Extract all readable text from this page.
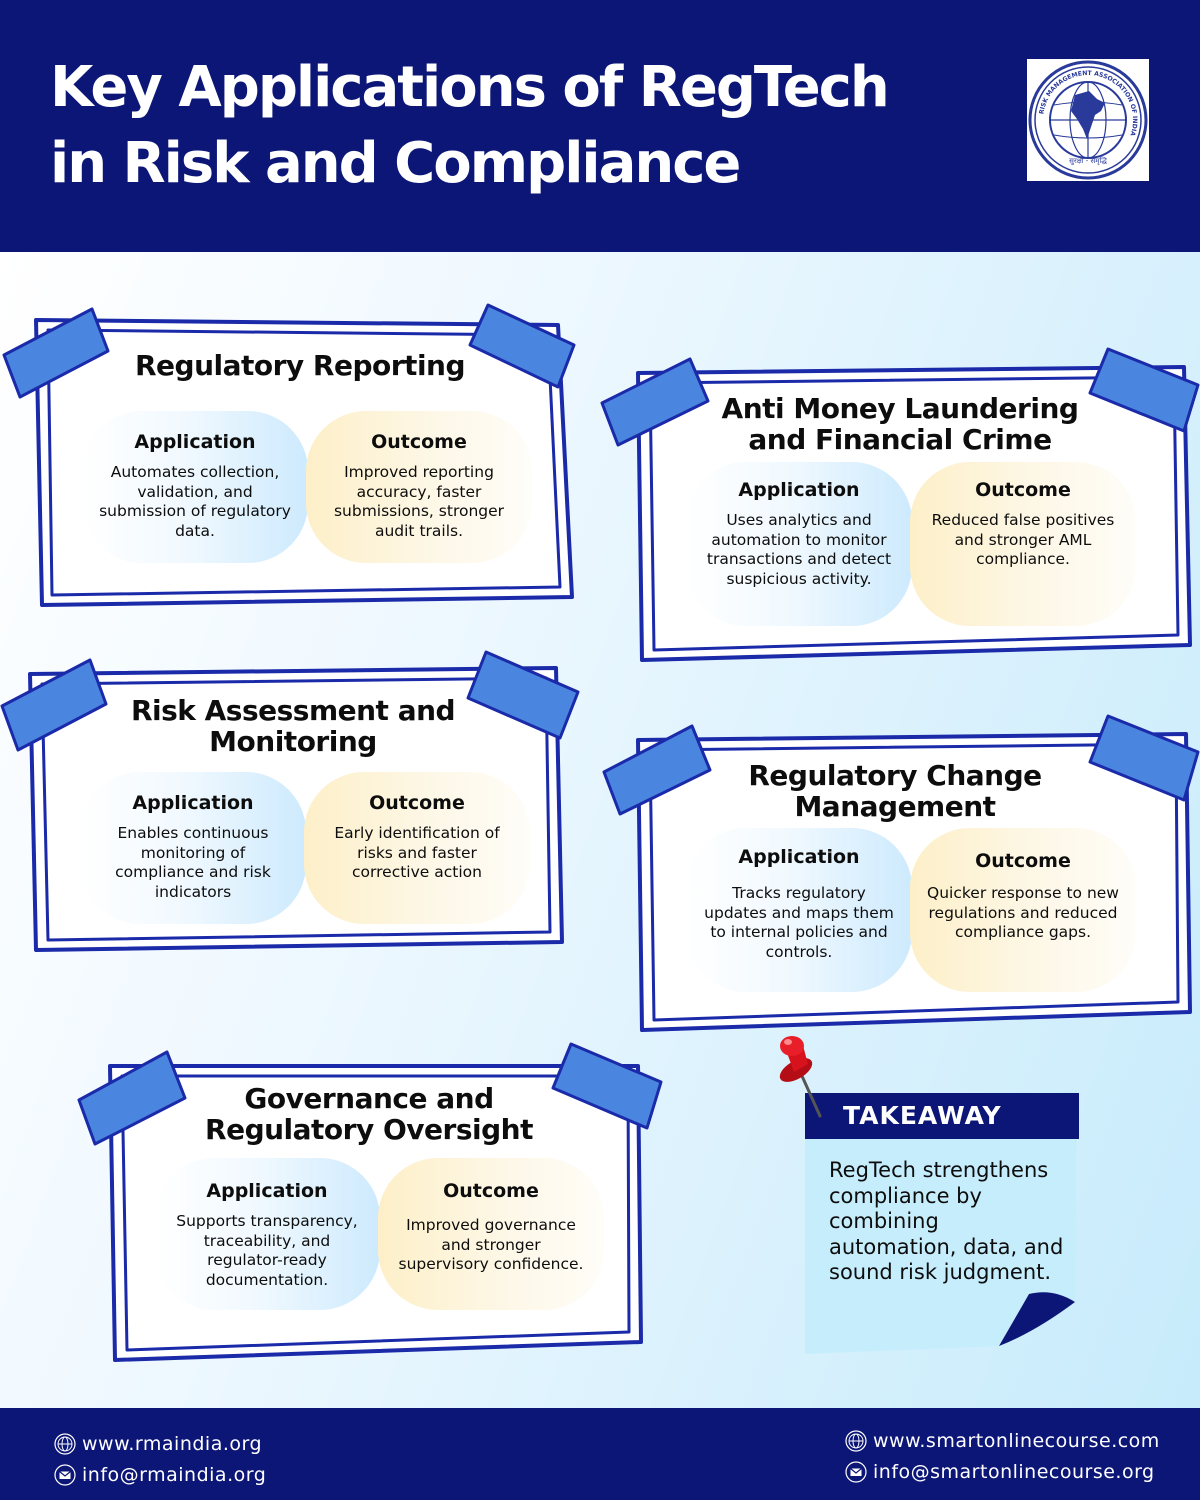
Key Applications of RegTech
in Risk and Compliance
RISK MANAGEMENT ASSOCIATION OF INDIA
सुरक्षा - समृद्धि
Regulatory Reporting
Application
Automates collection, validation, and submission of regulatory data.
Outcome
Improved reporting accuracy, faster submissions, stronger audit trails.
Anti Money Laundering
and Financial Crime
Application
Uses analytics and automation to monitor transactions and detect suspicious activity.
Outcome
Reduced false positives and stronger AML compliance.
Risk Assessment and
Monitoring
Application
Enables continuous monitoring of compliance and risk indicators
Outcome
Early identification of risks and faster corrective action
Regulatory Change
Management
Application
Tracks regulatory updates and maps them to internal policies and controls.
Outcome
Quicker response to new regulations and reduced compliance gaps.
Governance and
Regulatory Oversight
Application
Supports transparency, traceability, and regulator-ready documentation.
Outcome
Improved governance and stronger supervisory confidence.
TAKEAWAY
RegTech strengthens compliance by combining automation, data, and sound risk judgment.
www.rmaindia.org
info@rmaindia.org
www.smartonlinecourse.com
info@smartonlinecourse.org
